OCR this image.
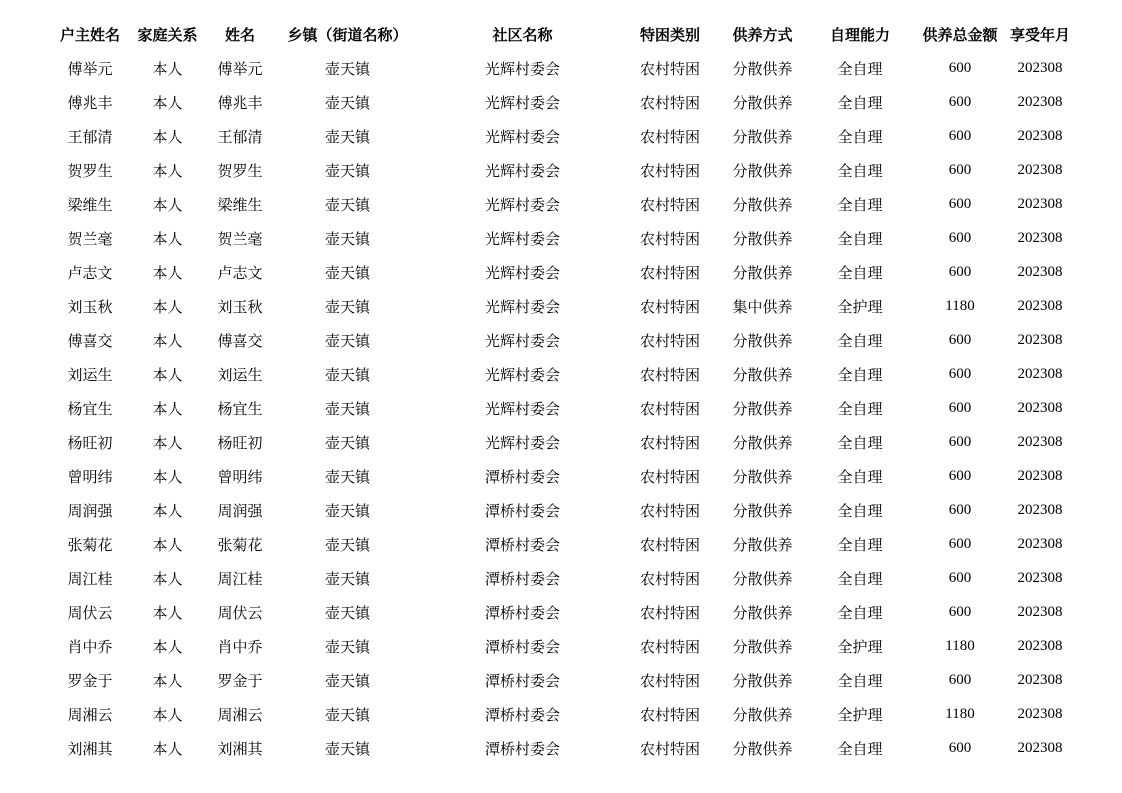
户主姓名	家庭关系	姓名	乡镇（街道名称）	社区名称	特困类别	供养方式	自理能力	供养总金额	享受年月
傅举元	本人	傅举元	壶天镇	光辉村委会	农村特困	分散供养	全自理	600	202308
傅兆丰	本人	傅兆丰	壶天镇	光辉村委会	农村特困	分散供养	全自理	600	202308
王郁清	本人	王郁清	壶天镇	光辉村委会	农村特困	分散供养	全自理	600	202308
贺罗生	本人	贺罗生	壶天镇	光辉村委会	农村特困	分散供养	全自理	600	202308
梁维生	本人	梁维生	壶天镇	光辉村委会	农村特困	分散供养	全自理	600	202308
贺兰毫	本人	贺兰毫	壶天镇	光辉村委会	农村特困	分散供养	全自理	600	202308
卢志文	本人	卢志文	壶天镇	光辉村委会	农村特困	分散供养	全自理	600	202308
刘玉秋	本人	刘玉秋	壶天镇	光辉村委会	农村特困	集中供养	全护理	1180	202308
傅喜交	本人	傅喜交	壶天镇	光辉村委会	农村特困	分散供养	全自理	600	202308
刘运生	本人	刘运生	壶天镇	光辉村委会	农村特困	分散供养	全自理	600	202308
杨宜生	本人	杨宜生	壶天镇	光辉村委会	农村特困	分散供养	全自理	600	202308
杨旺初	本人	杨旺初	壶天镇	光辉村委会	农村特困	分散供养	全自理	600	202308
曾明纬	本人	曾明纬	壶天镇	潭桥村委会	农村特困	分散供养	全自理	600	202308
周润强	本人	周润强	壶天镇	潭桥村委会	农村特困	分散供养	全自理	600	202308
张菊花	本人	张菊花	壶天镇	潭桥村委会	农村特困	分散供养	全自理	600	202308
周江桂	本人	周江桂	壶天镇	潭桥村委会	农村特困	分散供养	全自理	600	202308
周伏云	本人	周伏云	壶天镇	潭桥村委会	农村特困	分散供养	全自理	600	202308
肖中乔	本人	肖中乔	壶天镇	潭桥村委会	农村特困	分散供养	全护理	1180	202308
罗金于	本人	罗金于	壶天镇	潭桥村委会	农村特困	分散供养	全自理	600	202308
周湘云	本人	周湘云	壶天镇	潭桥村委会	农村特困	分散供养	全护理	1180	202308
刘湘其	本人	刘湘其	壶天镇	潭桥村委会	农村特困	分散供养	全自理	600	202308
